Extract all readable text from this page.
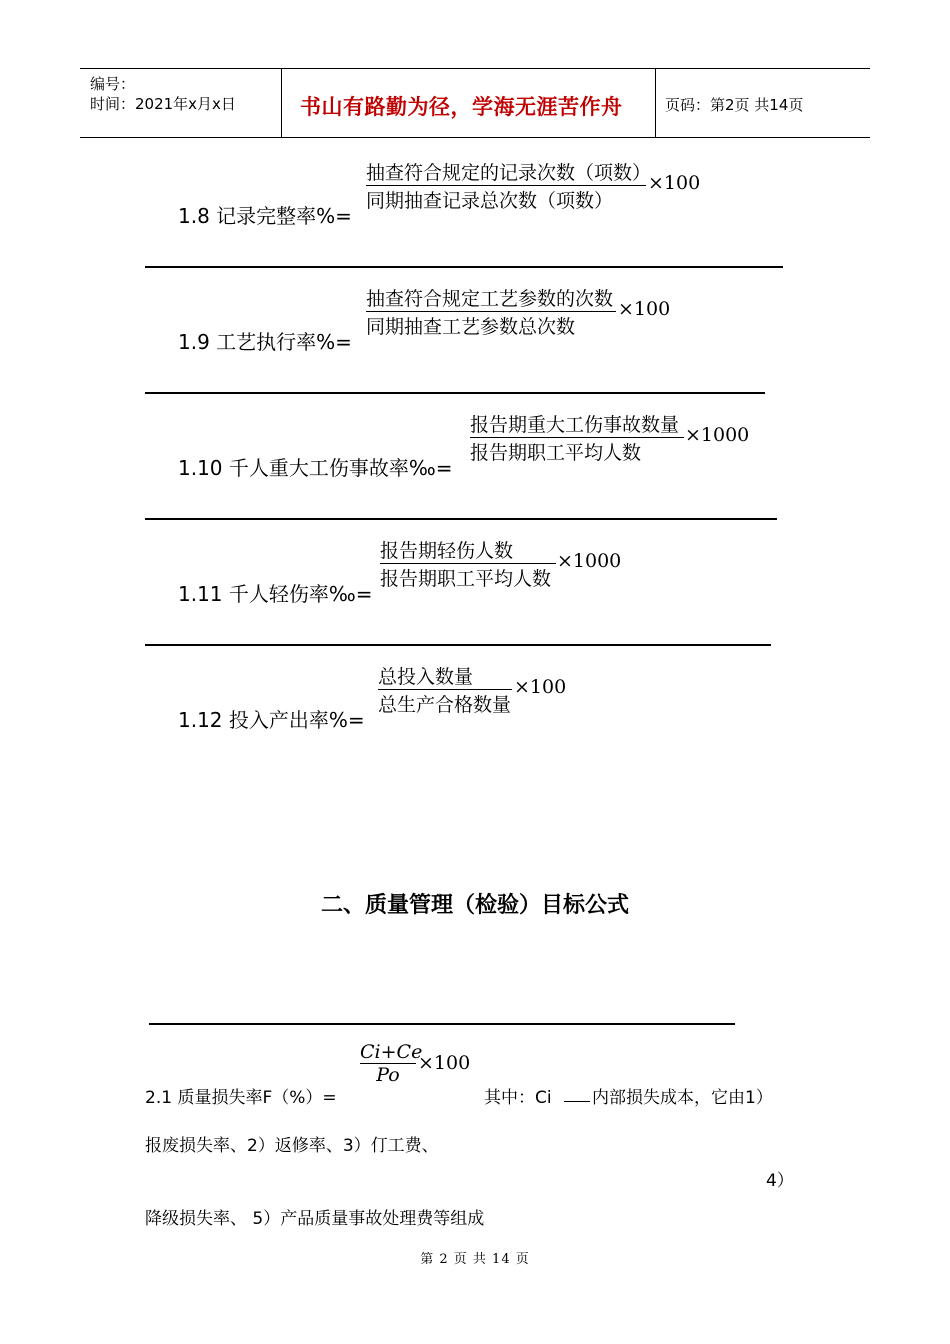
编号：
时间：2021年x月x日	书山有路勤为径，学海无涯苦作舟	页码：第2页 共14页
1.8 记录完整率%=
抽查符合规定的记录次数（项数）
同期抽查记录总次数（项数）
×100
1.9 工艺执行率%=
抽查符合规定工艺参数的次数
同期抽查工艺参数总次数
×100
1.10 千人重大工伤事故率‰=
报告期重大工伤事故数量
报告期职工平均人数
×1000
1.11 千人轻伤率‰=
报告期轻伤人数
报告期职工平均人数
×1000
1.12 投入产出率%=
总投入数量
总生产合格数量
×100
二、质量管理（检验）目标公式
2.1 质量损失率F（%）=
Ci+Ce
Po
×100
其中：Ci 内部损失成本，它由1）
报废损失率、2）返修率、3）仃工费、
4）
降级损失率、 5）产品质量事故处理费等组成
第 2 页 共 14 页
